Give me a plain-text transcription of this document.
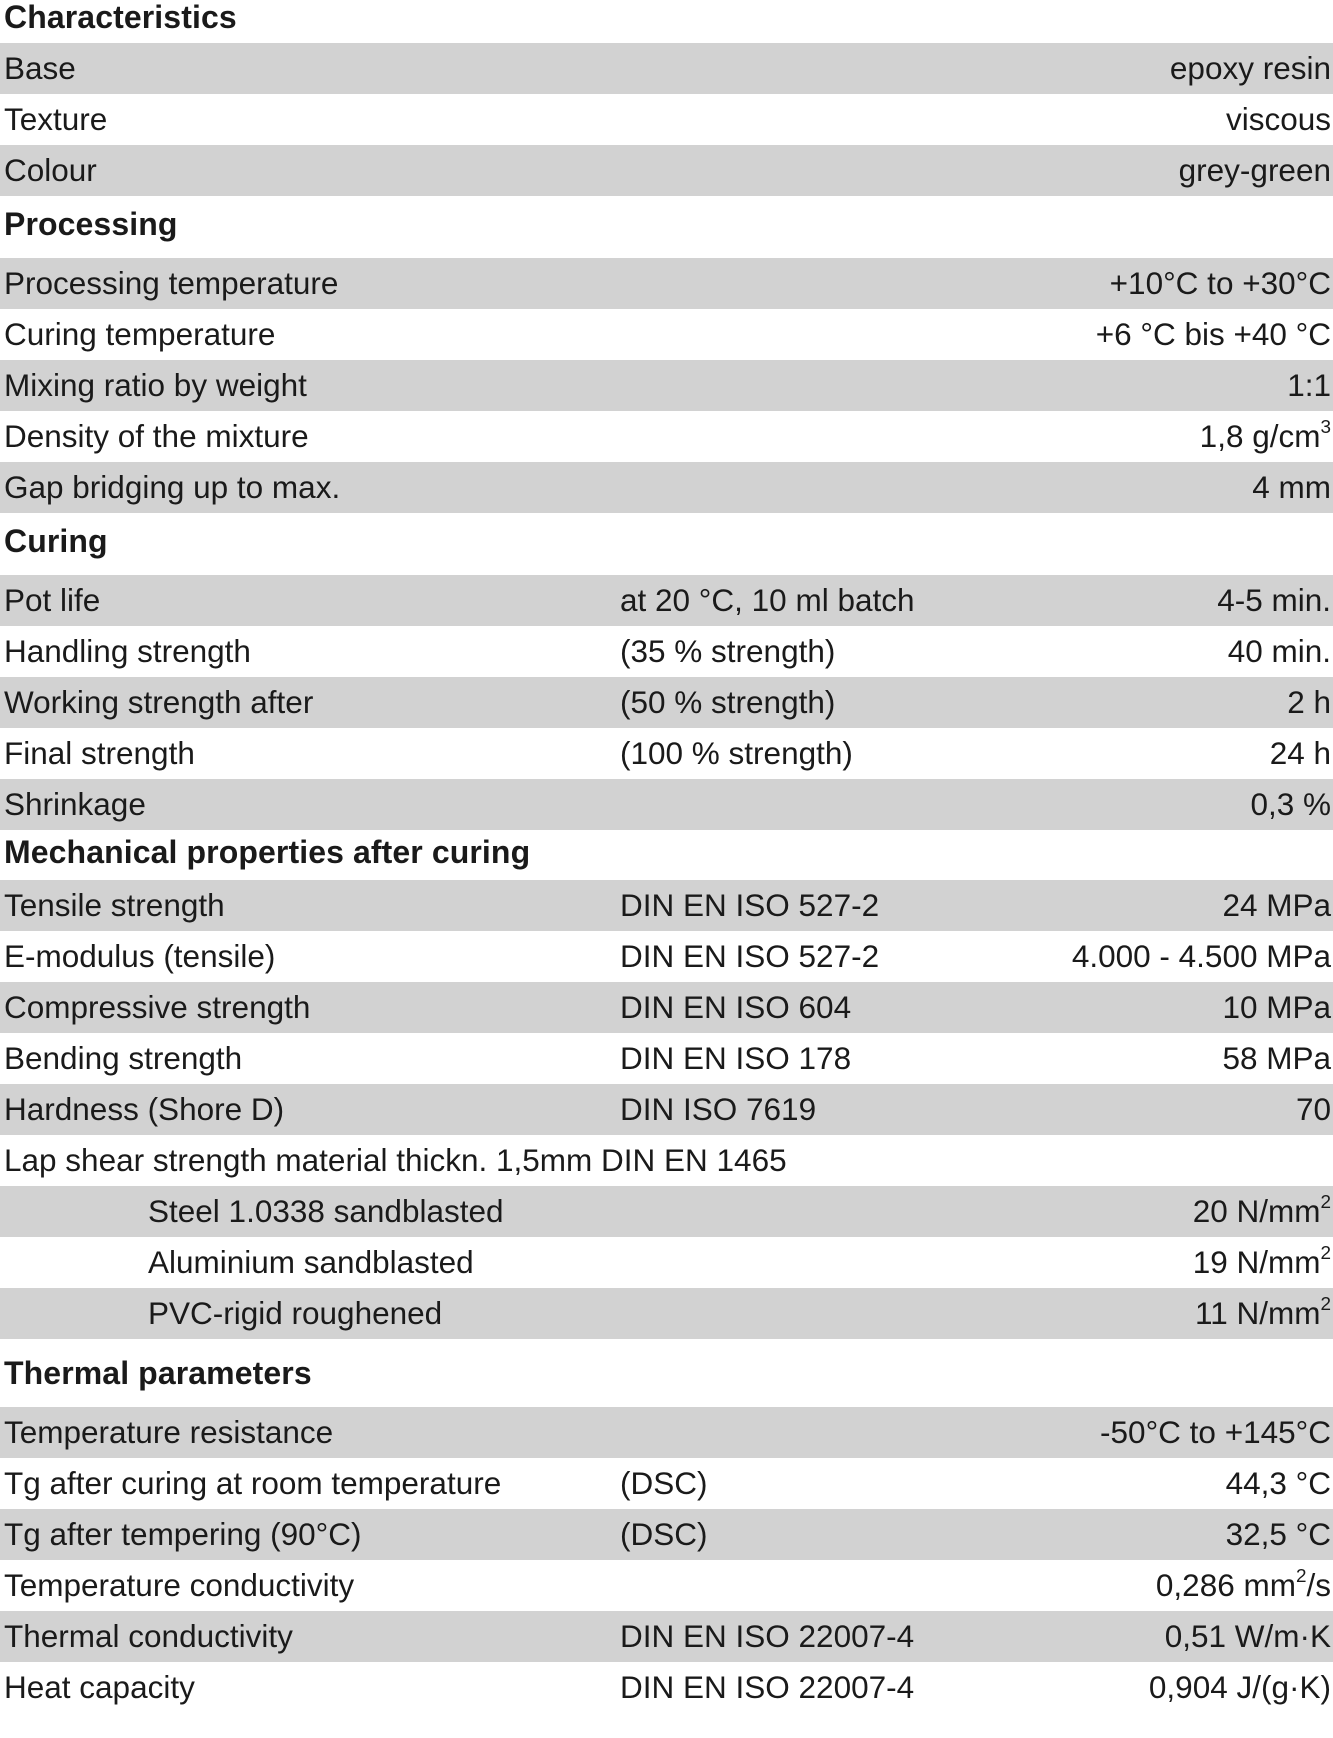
Characteristics
Base	epoxy resin
Texture	viscous
Colour	grey-green
Processing
Processing temperature	+10°C to +30°C
Curing temperature	+6 °C bis +40 °C
Mixing ratio by weight	1:1
Density of the mixture	1,8 $g/cm^3$
Gap bridging up to max.	4 mm
Curing
Pot life	at 20 °C, 10 ml batch	4-5 min.
Handling strength	(35 % strength)	40 min.
Working strength after	(50 % strength)	2 h
Final strength	(100 % strength)	24 h
Shrinkage	0,3 %
Mechanical properties after curing
Tensile strength	DIN EN ISO 527-2	24 MPa
E-modulus (tensile)	DIN EN ISO 527-2	4.000 - 4.500 MPa
Compressive strength	DIN EN ISO 604	10 MPa
Bending strength	DIN EN ISO 178	58 MPa
Hardness (Shore D)	DIN ISO 7619	70
Lap shear strength material thickn. 1,5mm DIN EN 1465
Steel 1.0338 sandblasted	20 $N/mm^2$
Aluminium sandblasted	19 $N/mm^2$
PVC-rigid roughened	11 $N/mm^2$
Thermal parameters
Temperature resistance	-50°C to +145°C
Tg after curing at room temperature	(DSC)	44,3 °C
Tg after tempering (90°C)	(DSC)	32,5 °C
Temperature conductivity	0,286 $mm^2/s$
Thermal conductivity	DIN EN ISO 22007-4	0,51 W/m·K
Heat capacity	DIN EN ISO 22007-4	0,904 J/(g·K)
